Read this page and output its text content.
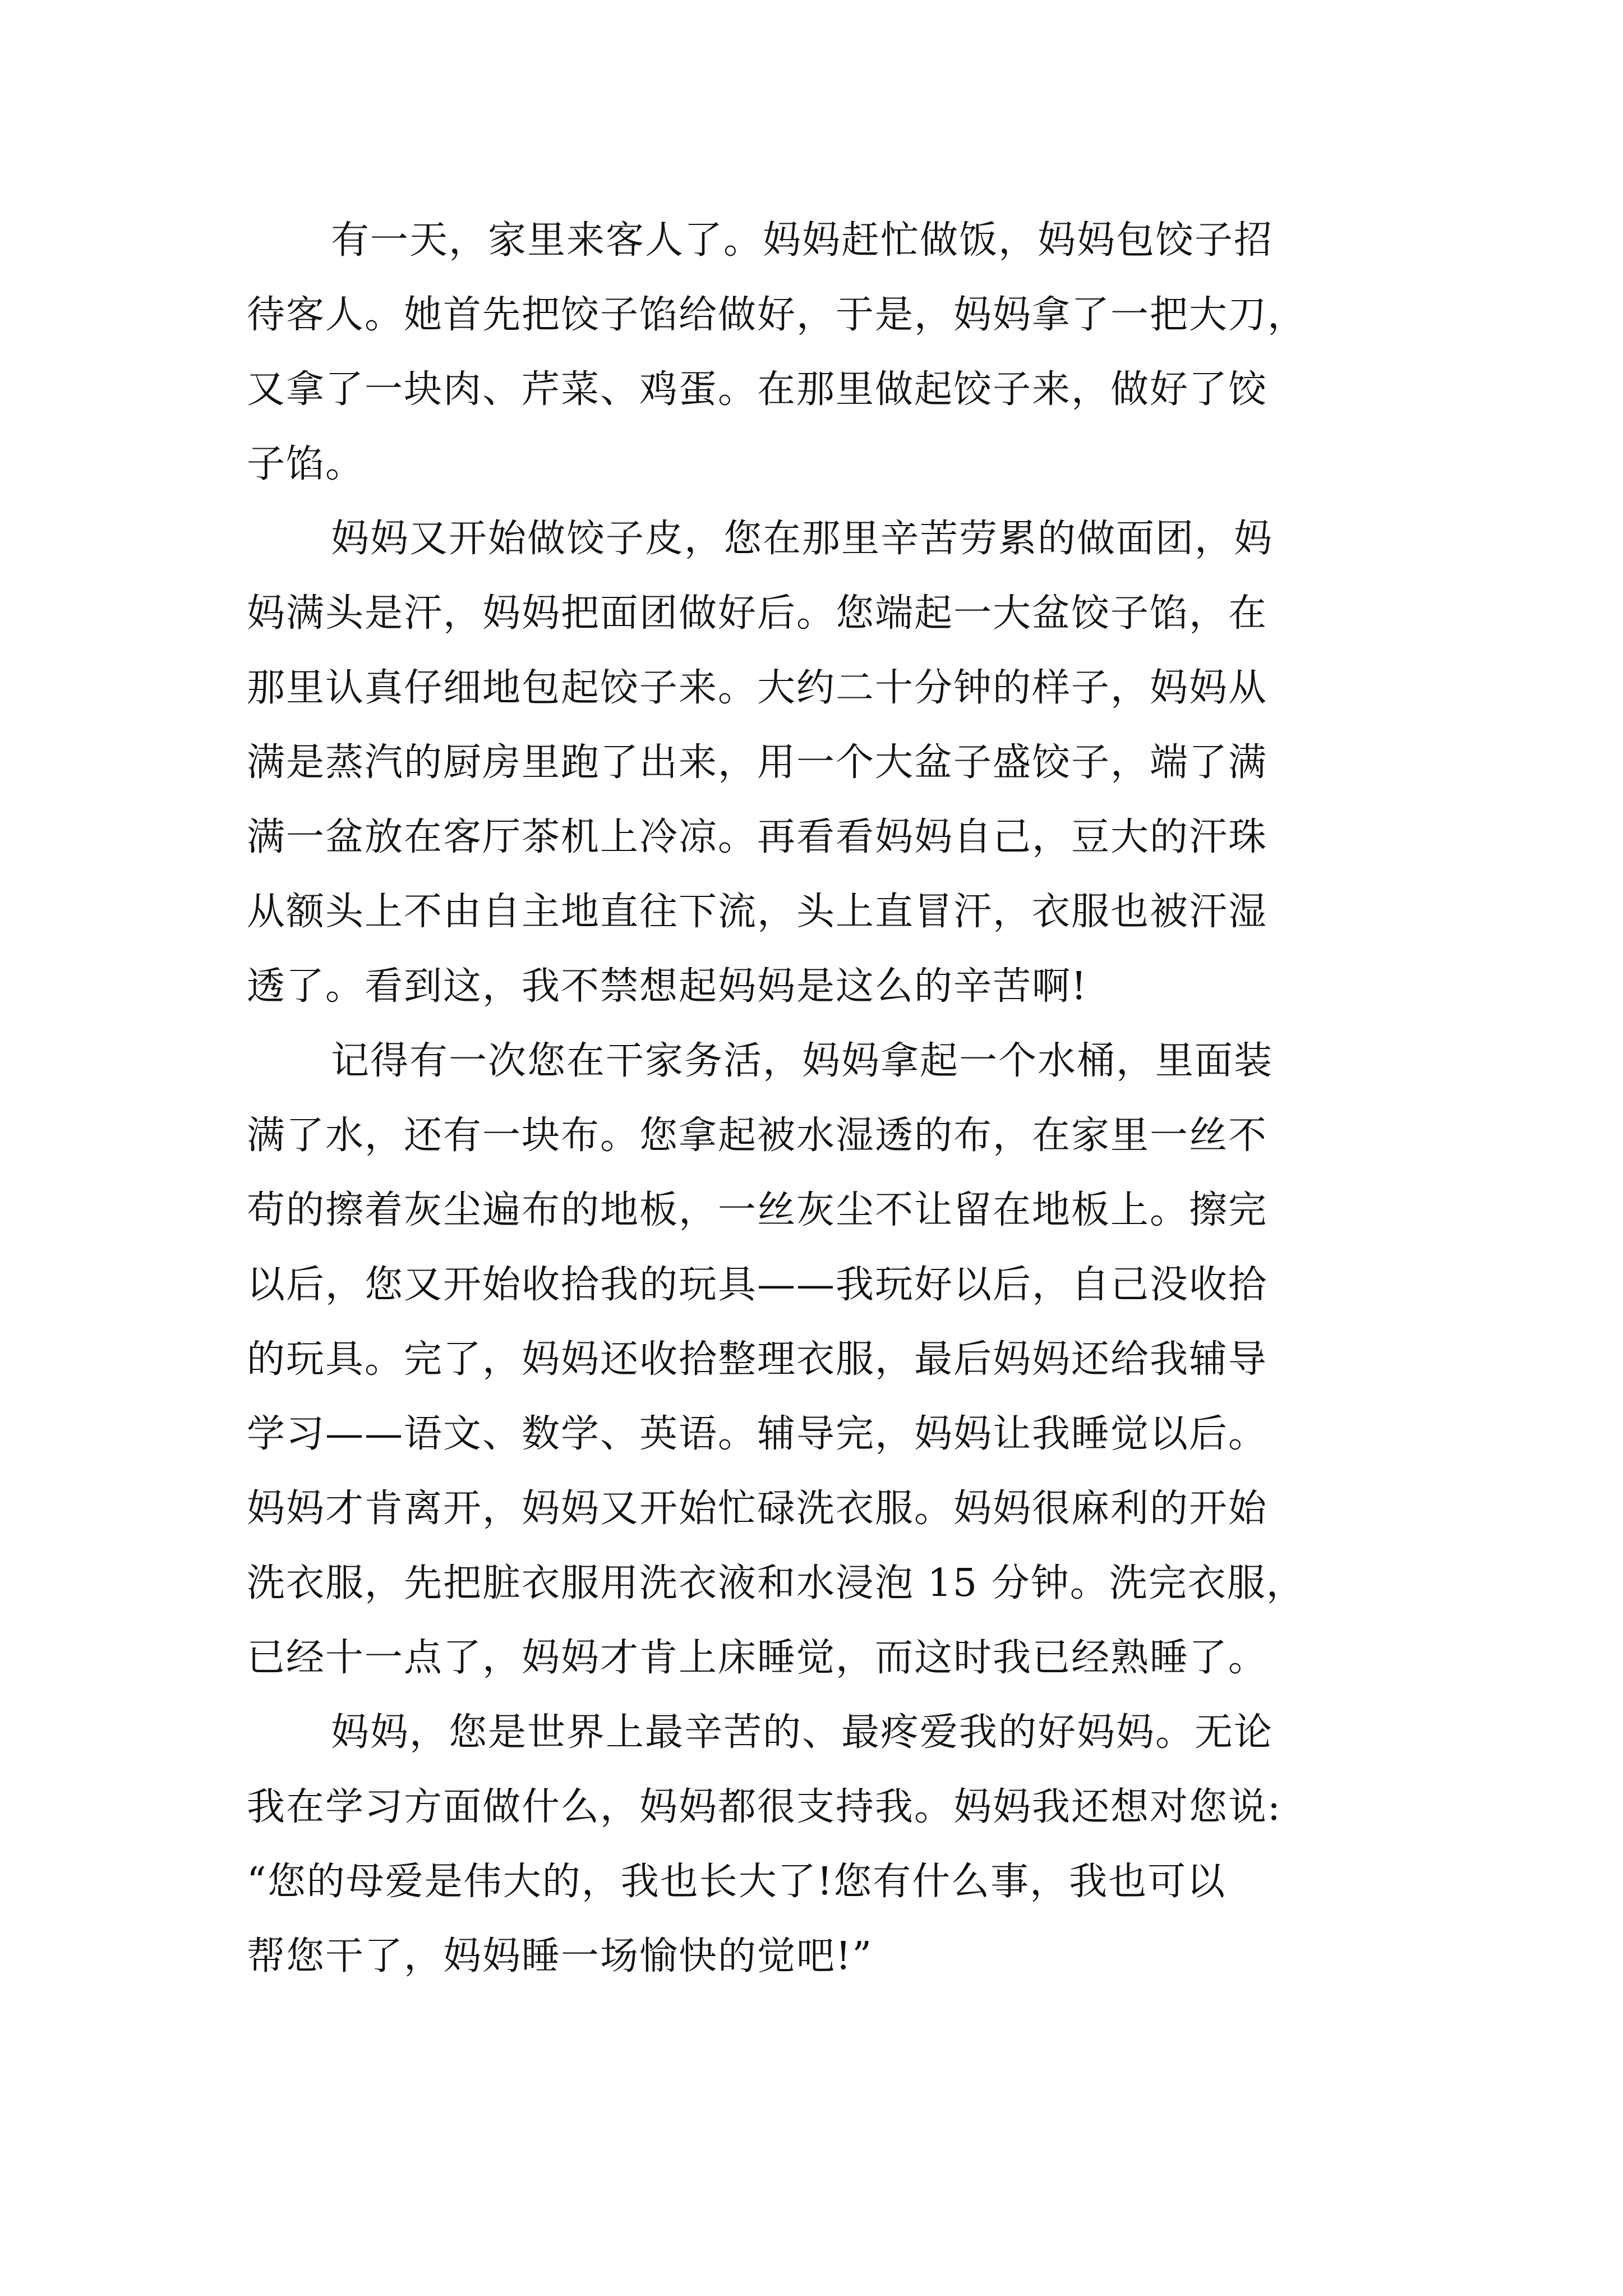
有一天，家里来客人了。妈妈赶忙做饭，妈妈包饺子招
待客人。她首先把饺子馅给做好，于是，妈妈拿了一把大刀，
又拿了一块肉、芹菜、鸡蛋。在那里做起饺子来，做好了饺
子馅。
妈妈又开始做饺子皮，您在那里辛苦劳累的做面团，妈
妈满头是汗，妈妈把面团做好后。您端起一大盆饺子馅，在
那里认真仔细地包起饺子来。大约二十分钟的样子，妈妈从
满是蒸汽的厨房里跑了出来，用一个大盆子盛饺子，端了满
满一盆放在客厅茶机上冷凉。再看看妈妈自己，豆大的汗珠
从额头上不由自主地直往下流，头上直冒汗，衣服也被汗湿
透了。看到这，我不禁想起妈妈是这么的辛苦啊!
记得有一次您在干家务活，妈妈拿起一个水桶，里面装
满了水，还有一块布。您拿起被水湿透的布，在家里一丝不
苟的擦着灰尘遍布的地板，一丝灰尘不让留在地板上。擦完
以后，您又开始收拾我的玩具——我玩好以后，自己没收拾
的玩具。完了，妈妈还收拾整理衣服，最后妈妈还给我辅导
学习——语文、数学、英语。辅导完，妈妈让我睡觉以后。
妈妈才肯离开，妈妈又开始忙碌洗衣服。妈妈很麻利的开始
洗衣服，先把脏衣服用洗衣液和水浸泡 15 分钟。洗完衣服，
已经十一点了，妈妈才肯上床睡觉，而这时我已经熟睡了。
妈妈，您是世界上最辛苦的、最疼爱我的好妈妈。无论
我在学习方面做什么，妈妈都很支持我。妈妈我还想对您说:
“您的母爱是伟大的，我也长大了!您有什么事，我也可以
帮您干了，妈妈睡一场愉快的觉吧!”
